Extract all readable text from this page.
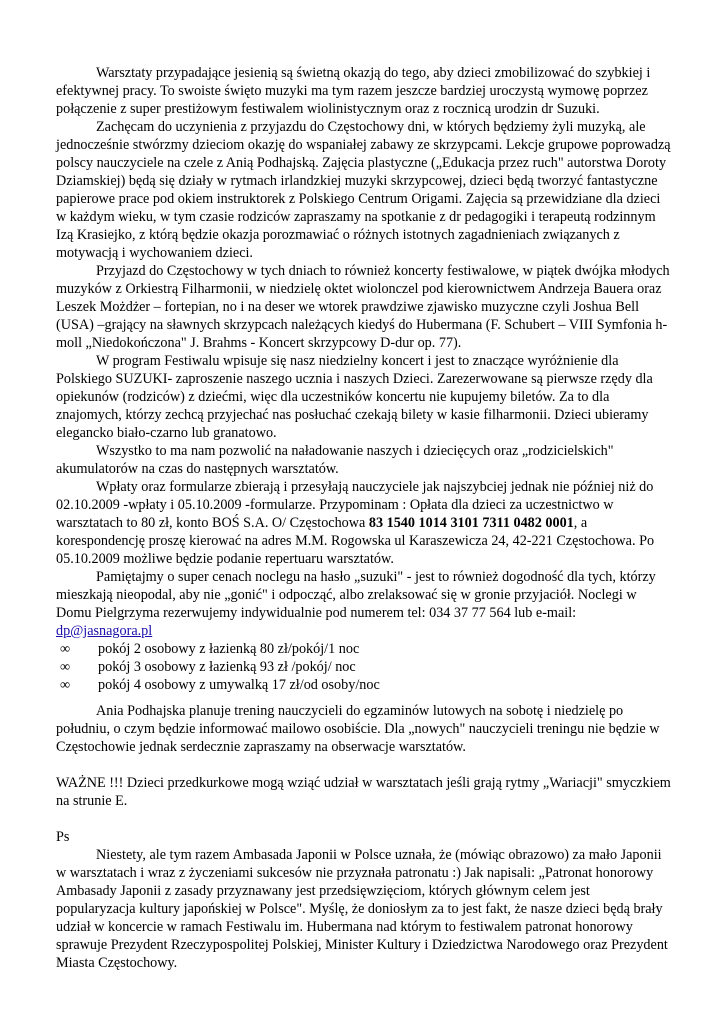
Warsztaty przypadające jesienią są świetną okazją do tego, aby dzieci zmobilizować do szybkiej i efektywnej pracy. To swoiste święto muzyki ma tym razem jeszcze bardziej uroczystą wymowę poprzez połączenie z super prestiżowym festiwalem wiolinistycznym oraz z rocznicą urodzin dr Suzuki.

Zachęcam do uczynienia z przyjazdu do Częstochowy dni, w których będziemy żyli muzyką, ale jednocześnie stwórzmy dzieciom okazję do wspaniałej zabawy ze skrzypcami. Lekcje grupowe poprowadzą polscy nauczyciele na czele z Anią Podhajską. Zajęcia plastyczne („Edukacja przez ruch" autorstwa Doroty Dziamskiej) będą się działy w rytmach irlandzkiej muzyki skrzypcowej, dzieci będą tworzyć fantastyczne papierowe prace pod okiem instruktorek z Polskiego Centrum Origami. Zajęcia są przewidziane dla dzieci w każdym wieku, w tym czasie rodziców zapraszamy na spotkanie z dr pedagogiki i terapeutą rodzinnym Izą Krasiejko, z którą będzie okazja porozmawiać o różnych istotnych zagadnieniach związanych z motywacją i wychowaniem dzieci.

Przyjazd do Częstochowy w tych dniach to również koncerty festiwalowe, w piątek dwójka młodych muzyków z Orkiestrą Filharmonii, w niedzielę oktet wiolonczel pod kierownictwem Andrzeja Bauera oraz Leszek Możdżer – fortepian, no i na deser we wtorek prawdziwe zjawisko muzyczne czyli Joshua Bell (USA) –grający na sławnych skrzypcach należących kiedyś do Hubermana (F. Schubert – VIII Symfonia h-moll „Niedokończona" J. Brahms - Koncert skrzypcowy D-dur op. 77).

W program Festiwalu wpisuje się nasz niedzielny koncert i jest to znaczące wyróżnienie dla Polskiego SUZUKI- zaproszenie naszego ucznia i naszych Dzieci. Zarezerwowane są pierwsze rzędy dla opiekunów (rodziców) z dziećmi, więc dla uczestników koncertu nie kupujemy biletów. Za to dla znajomych, którzy zechcą przyjechać nas posłuchać czekają bilety w kasie filharmonii. Dzieci ubieramy elegancko biało-czarno lub granatowo.

Wszystko to ma nam pozwolić na naładowanie naszych i dziecięcych oraz „rodzicielskich" akumulatorów na czas do następnych warsztatów.

Wpłaty oraz formularze zbierają i przesyłają nauczyciele jak najszybciej jednak nie później niż do 02.10.2009 -wpłaty i 05.10.2009 -formularze. Przypominam : Opłata dla dzieci za uczestnictwo w warsztatach to 80 zł, konto BOŚ S.A. O/ Częstochowa 83 1540 1014 3101 7311 0482 0001, a korespondencję proszę kierować na adres M.M. Rogowska ul Karaszewicza 24, 42-221 Częstochowa. Po 05.10.2009 możliwe będzie podanie repertuaru warsztatów.

Pamiętajmy o super cenach noclegu na hasło „suzuki" - jest to również dogodność dla tych, którzy mieszkają nieopodal, aby nie „gonić" i odpocząć, albo zrelaksować się w gronie przyjaciół. Noclegi w Domu Pielgrzyma rezerwujemy indywidualnie pod numerem tel: 034 37 77 564 lub e-mail: dp@jasnagora.pl

∞ pokój 2 osobowy z łazienką 80 zł/pokój/1 noc
∞ pokój 3 osobowy z łazienką 93 zł /pokój/ noc
∞ pokój 4 osobowy z umywalką 17 zł/od osoby/noc

Ania Podhajska planuje trening nauczycieli do egzaminów lutowych na sobotę i niedzielę po południu, o czym będzie informować mailowo osobiście. Dla „nowych" nauczycieli treningu nie będzie w Częstochowie jednak serdecznie zapraszamy na obserwacje warsztatów.

WAŻNE !!! Dzieci przedkurkowe mogą wziąć udział w warsztatach jeśli grają rytmy „Wariacji" smyczkiem na strunie E.

Ps

Niestety, ale tym razem Ambasada Japonii w Polsce uznała, że (mówiąc obrazowo) za mało Japonii w warsztatach i wraz z życzeniami sukcesów nie przyznała patronatu :) Jak napisali: „Patronat honorowy Ambasady Japonii z zasady przyznawany jest przedsięwzięciom, których głównym celem jest popularyzacja kultury japońskiej w Polsce". Myślę, że doniosłym za to jest fakt, że nasze dzieci będą brały udział w koncercie w ramach Festiwalu im. Hubermana nad którym to festiwalem patronat honorowy sprawuje Prezydent Rzeczypospolitej Polskiej, Minister Kultury i Dziedzictwa Narodowego oraz Prezydent Miasta Częstochowy.
